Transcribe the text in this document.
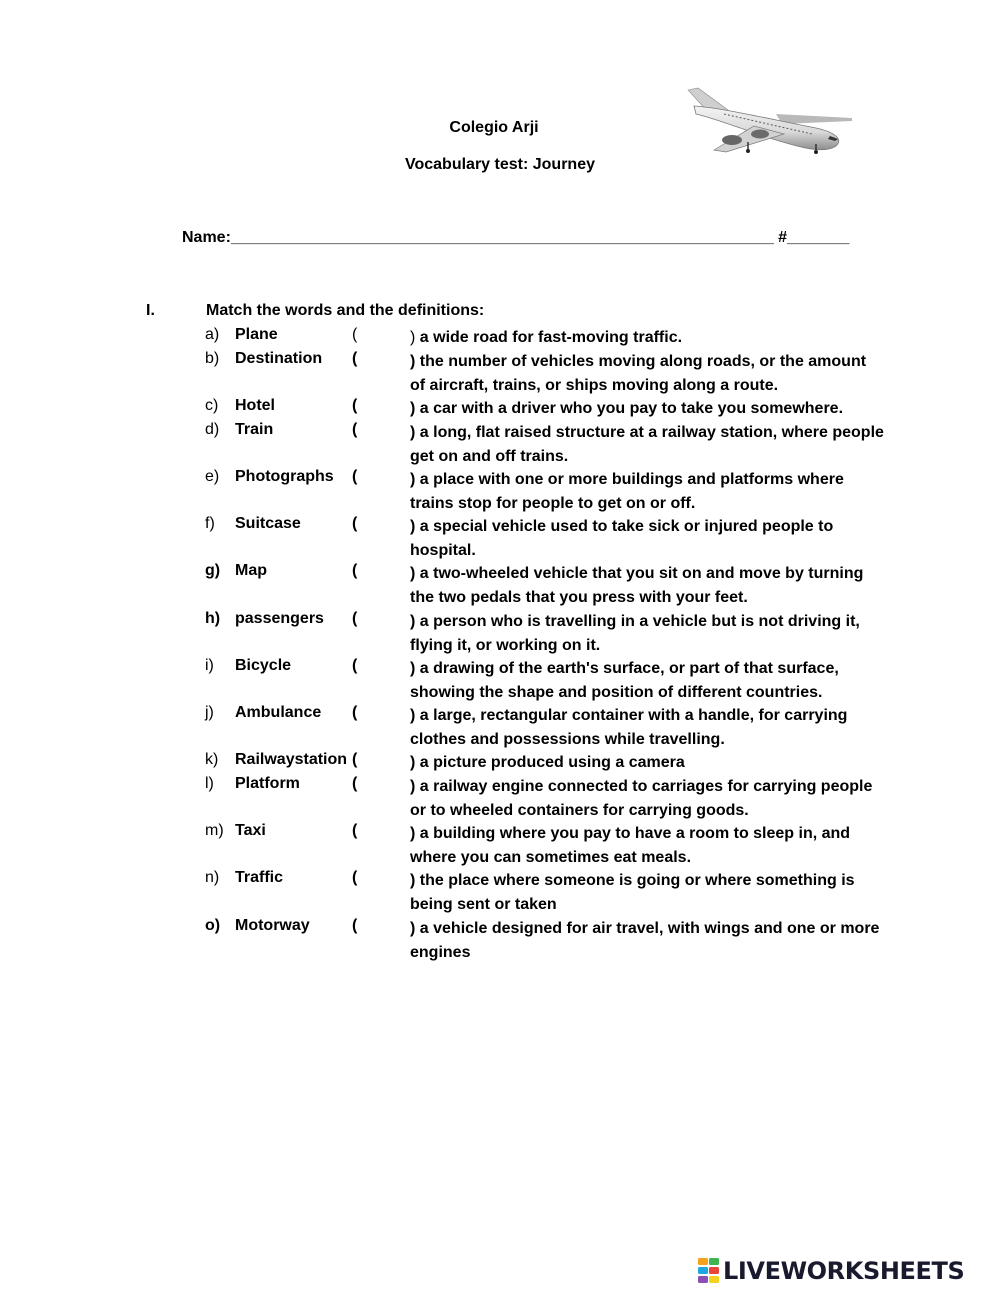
Colegio Arji
Vocabulary test: Journey
Name:_____________________________________________________________ #_______
I.	Match the words and the definitions:
a) Plane	(	) a wide road for fast-moving traffic.
b) Destination (	) the number of vehicles moving along roads, or the amount of aircraft, trains, or ships moving along a route.
c) Hotel	(	) a car with a driver who you pay to take you somewhere.
d) Train	(	) a long, flat raised structure at a railway station, where people get on and off trains.
e) Photographs (	) a place with one or more buildings and platforms where trains stop for people to get on or off.
f) Suitcase	(	) a special vehicle used to take sick or injured people to hospital.
g) Map	(	) a two-wheeled vehicle that you sit on and move by turning the two pedals that you press with your feet.
h) passengers (	) a person who is travelling in a vehicle but is not driving it, flying it, or working on it.
i) Bicycle	(	) a drawing of the earth's surface, or part of that surface, showing the shape and position of different countries.
j) Ambulance (	) a large, rectangular container with a handle, for carrying clothes and possessions while travelling.
k) Railwaystation (	) a picture produced using a camera
l) Platform	(	) a railway engine connected to carriages for carrying people or to wheeled containers for carrying goods.
m) Taxi	(	) a building where you pay to have a room to sleep in, and where you can sometimes eat meals.
n) Traffic	(	) the place where someone is going or where something is being sent or taken
o) Motorway	(	) a vehicle designed for air travel, with wings and one or more engines
LIVEWORKSHEETS
